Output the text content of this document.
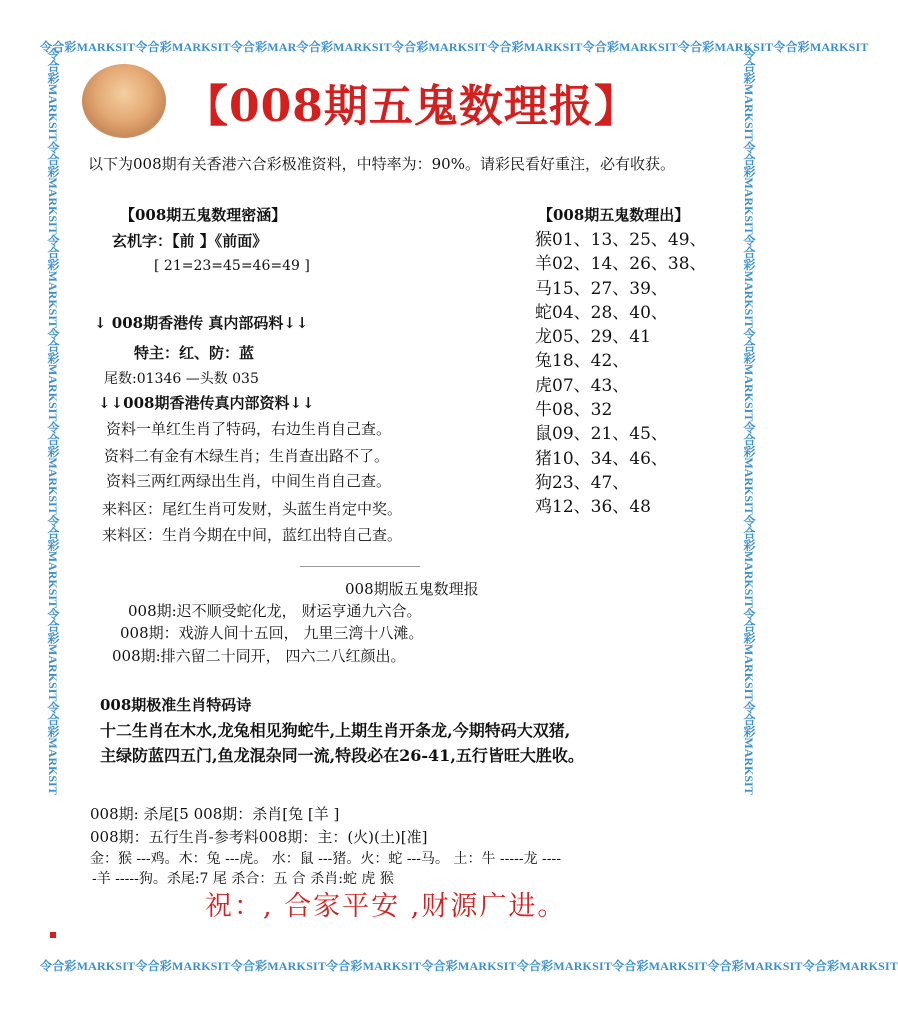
令合彩MARKSIT令合彩MARKSIT令合彩MAR令合彩MARKSIT令合彩MARKSIT令合彩MARKSIT令合彩MARKSIT令合彩MARKSIT令合彩MARKSIT
令合彩MARKSIT令合彩MARKSIT令合彩MARKSIT令合彩MARKSIT令合彩MARKSIT令合彩MARKSIT令合彩MARKSIT令合彩MARKSIT令合彩MARKSIT
令合彩MARKSIT令合彩MARKSIT令合彩MARKSIT令合彩MARKSIT令合彩MARKSIT令合彩MARKSIT令合彩MARKSIT令合彩MARKSIT	令合彩MARKSIT令合彩MARKSIT令合彩MARKSIT令合彩MARKSIT令合彩MARKSIT令合彩MARKSIT令合彩MARKSIT令合彩MARKSIT
【008期五鬼数理报】
以下为008期有关香港六合彩极准资料，中特率为：90%。请彩民看好重注，必有收获。
【008期五鬼数理密涵】
玄机字：【前 】《前面》
[ 21=23=45=46=49 ]
↓ 008期香港传 真内部码料↓↓
特主：红、防：蓝
尾数:01346 —头数 035
↓↓008期香港传真内部资料↓↓
资料一单红生肖了特码，右边生肖自己查。
资料二有金有木绿生肖；生肖查出路不了。
资料三两红两绿出生肖，中间生肖自己查。
来料区：尾红生肖可发财，头蓝生肖定中奖。
来料区：生肖今期在中间，蓝红出特自己查。
008期版五鬼数理报
008期:迟不顺受蛇化龙， 财运亨通九六合。
008期：戏游人间十五回， 九里三湾十八滩。
008期:排六留二十同开， 四六二八红颜出。
【008期五鬼数理出】
猴01、13、25、49、
羊02、14、26、38、
马15、27、39、
蛇04、28、40、
龙05、29、41
兔18、42、
虎07、43、
牛08、32
鼠09、21、45、
猪10、34、46、
狗23、47、
鸡12、36、48
008期极准生肖特码诗
十二生肖在木水,龙兔相见狗蛇牛,上期生肖开条龙,今期特码大双猪,
主绿防蓝四五门,鱼龙混杂同一流,特段必在26-41,五行皆旺大胜收。
008期: 杀尾[5 008期：杀肖[兔 [羊 ]
008期：五行生肖-参考料008期：主：(火)(土)[准]
金：猴 ---鸡。木：兔 ---虎。 水：鼠 ---猪。火：蛇 ---马。 土：牛 -----龙 ----
-羊 -----狗。杀尾:7 尾 杀合：五 合 杀肖:蛇 虎 猴
祝：, 合家平安 ,财源广进。
